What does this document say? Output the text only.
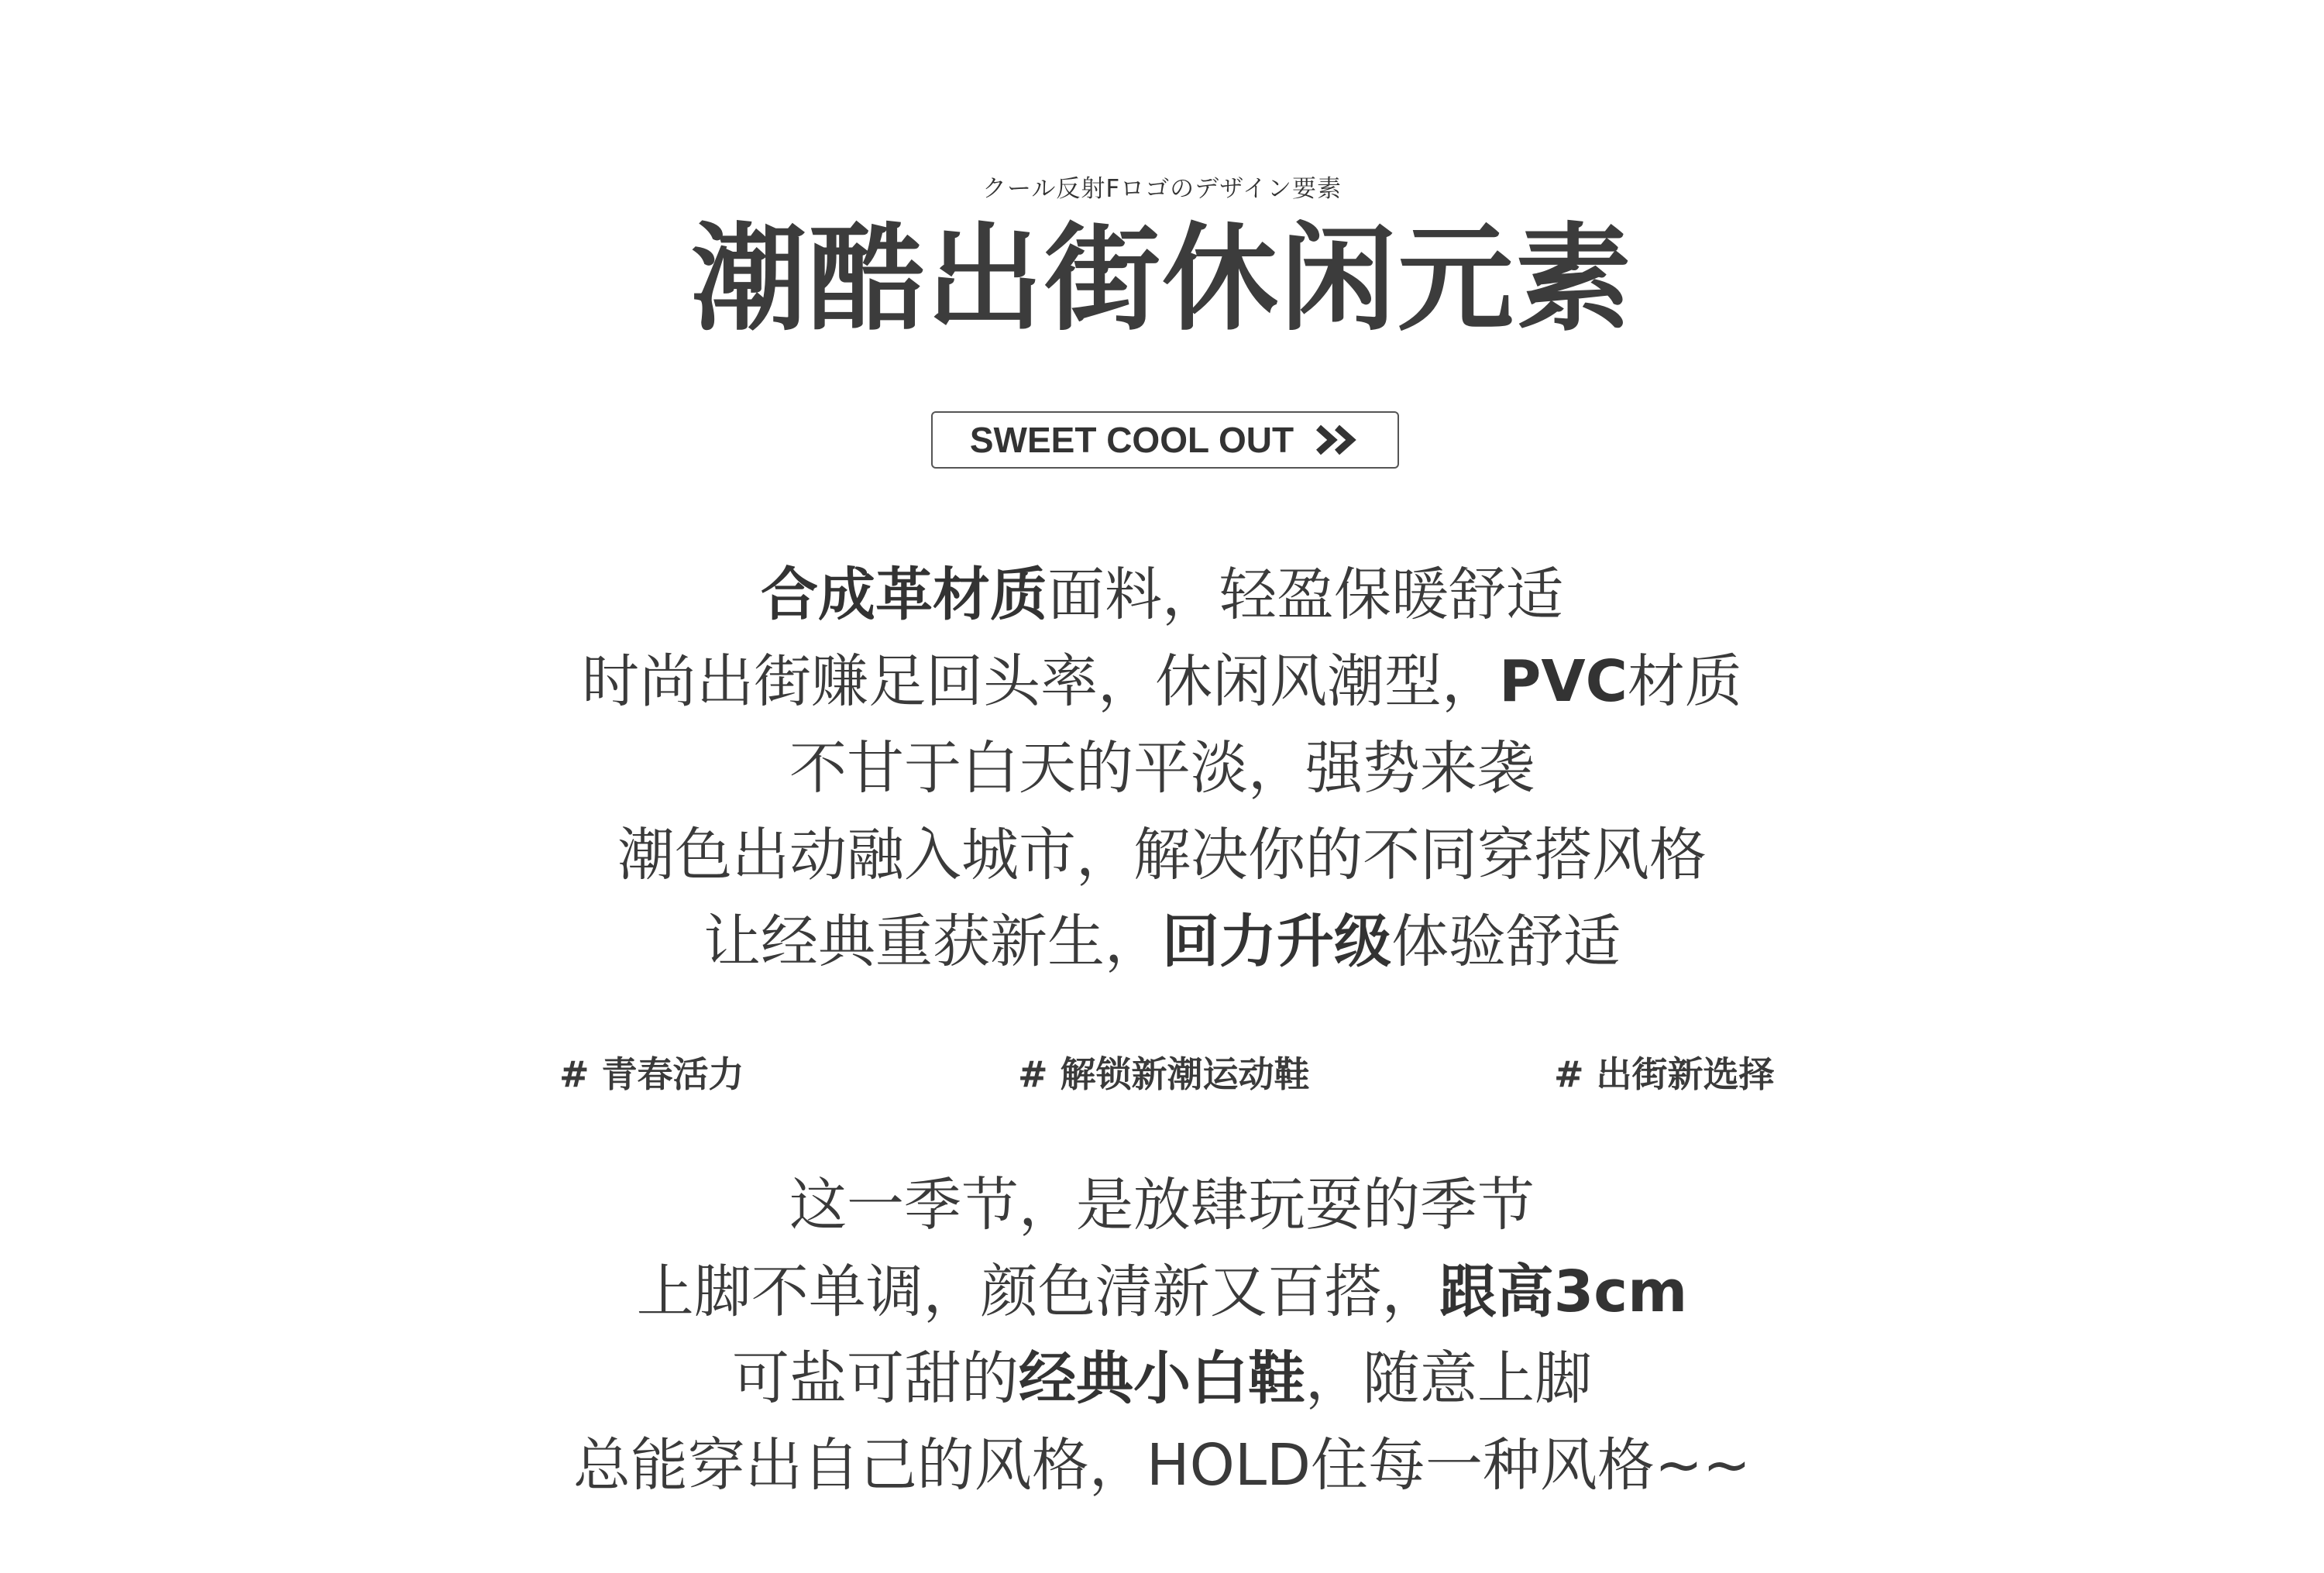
クール反射Fロゴのデザイン要素
潮酷出街休闲元素
SWEET COOL OUT
合成革材质面料，轻盈保暖舒适
时尚出街赚足回头率，休闲风潮型，PVC材质
不甘于白天的平淡，强势来袭
潮色出动融入城市，解决你的不同穿搭风格
让经典重获新生，回力升级体验舒适
# 青春活力	# 解锁新潮运动鞋	# 出街新选择
这一季节，是放肆玩耍的季节
上脚不单调，颜色清新又百搭，跟高3cm
可盐可甜的经典小白鞋，随意上脚
总能穿出自己的风格，HOLD住每一种风格~~
